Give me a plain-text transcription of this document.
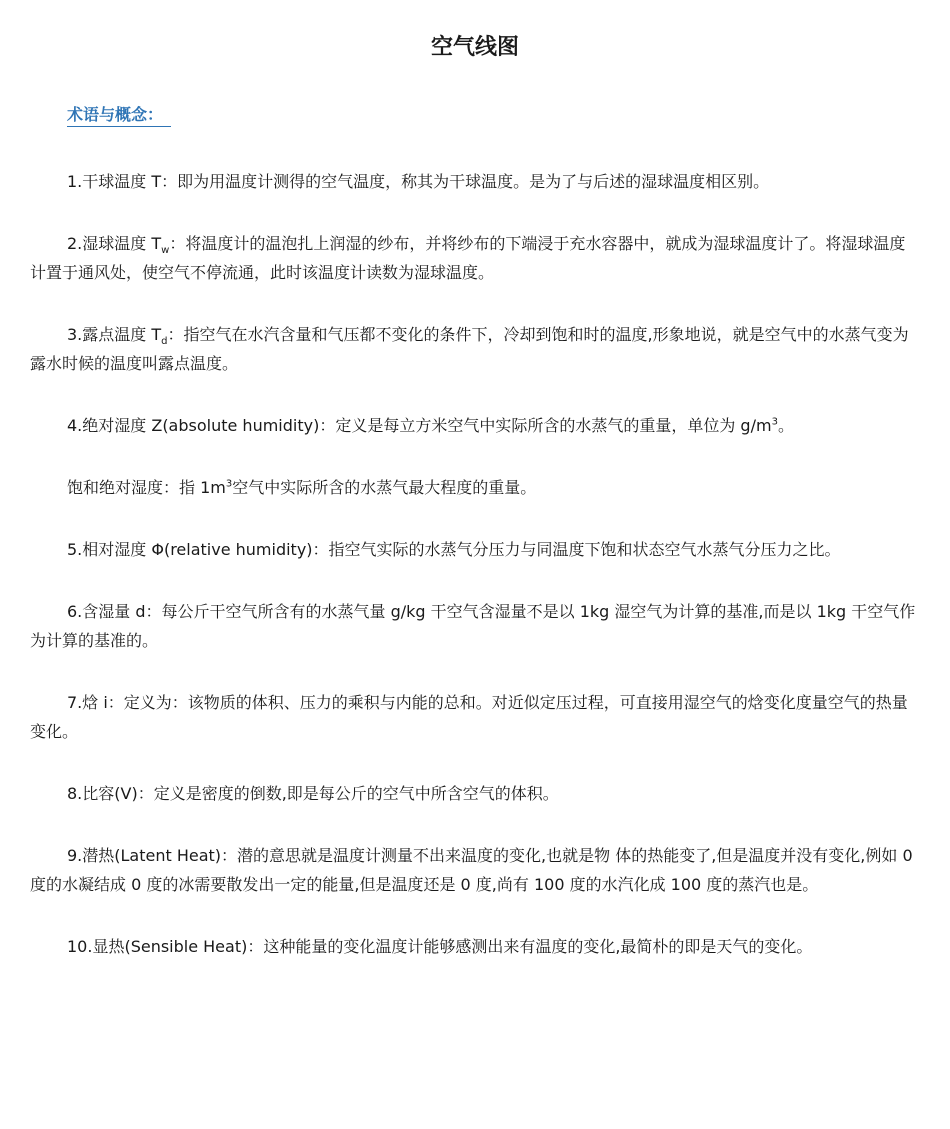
空气线图
术语与概念：

1.干球温度 T：即为用温度计测得的空气温度，称其为干球温度。是为了与后述的湿球温度相区别。

2.湿球温度 $T_w$：将温度计的温泡扎上润湿的纱布，并将纱布的下端浸于充水容器中，就成为湿球温度计了。将湿球温度计置于通风处，使空气不停流通，此时该温度计读数为湿球温度。

3.露点温度 $T_d$：指空气在水汽含量和气压都不变化的条件下，冷却到饱和时的温度,形象地说，就是空气中的水蒸气变为露水时候的温度叫露点温度。

4.绝对湿度 Z(absolute humidity)：定义是每立方米空气中实际所含的水蒸气的重量，单位为 $g/m^3$。

饱和绝对湿度：指 $1m^3$空气中实际所含的水蒸气最大程度的重量。

5.相对湿度 Φ(relative humidity)：指空气实际的水蒸气分压力与同温度下饱和状态空气水蒸气分压力之比。

6.含湿量 d：每公斤干空气所含有的水蒸气量 g/kg 干空气含湿量不是以 1kg 湿空气为计算的基准,而是以 1kg 干空气作为计算的基准的。

7.焓 i：定义为：该物质的体积、压力的乘积与内能的总和。对近似定压过程，可直接用湿空气的焓变化度量空气的热量变化。

8.比容(V)：定义是密度的倒数,即是每公斤的空气中所含空气的体积。

9.潜热(Latent Heat)：潜的意思就是温度计测量不出来温度的变化,也就是物 体的热能变了,但是温度并没有变化,例如 0 度的水凝结成 0 度的冰需要散发出一定的能量,但是温度还是 0 度,尚有 100 度的水汽化成 100 度的蒸汽也是。

10.显热(Sensible Heat)：这种能量的变化温度计能够感测出来有温度的变化,最简朴的即是天气的变化。
